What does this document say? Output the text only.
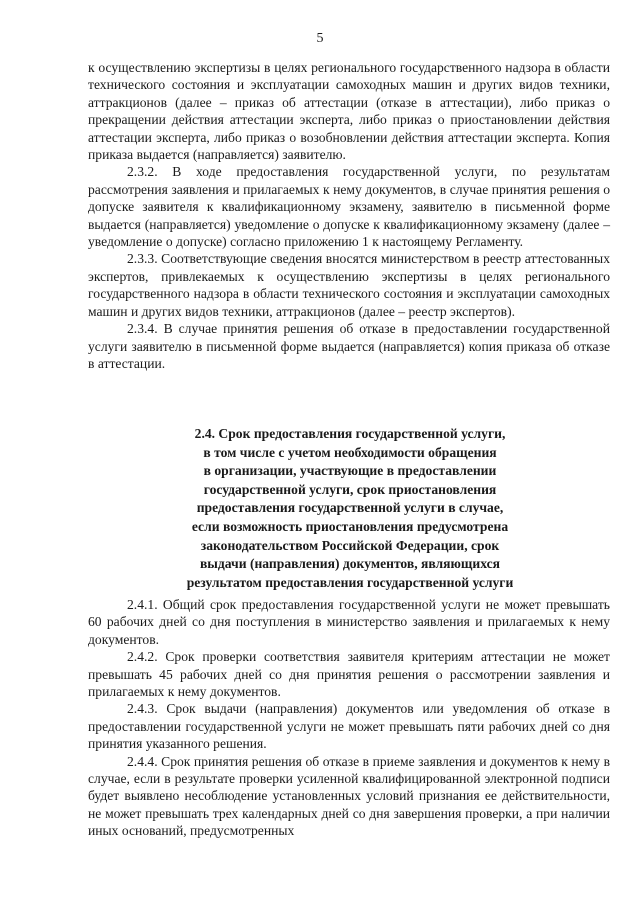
5

к осуществлению экспертизы в целях регионального государственного надзора в области технического состояния и эксплуатации самоходных машин и других видов техники, аттракционов (далее – приказ об аттестации (отказе в аттестации), либо приказ о прекращении действия аттестации эксперта, либо приказ о приостановлении действия аттестации эксперта, либо приказ о возобновлении действия аттестации эксперта. Копия приказа выдается (направляется) заявителю.

2.3.2. В ходе предоставления государственной услуги, по результатам рассмотрения заявления и прилагаемых к нему документов, в случае принятия решения о допуске заявителя к квалификационному экзамену, заявителю в письменной форме выдается (направляется) уведомление о допуске к квалификационному экзамену (далее – уведомление о допуске) согласно приложению 1 к настоящему Регламенту.

2.3.3. Соответствующие сведения вносятся министерством в реестр аттестованных экспертов, привлекаемых к осуществлению экспертизы в целях регионального государственного надзора в области технического состояния и эксплуатации самоходных машин и других видов техники, аттракционов (далее – реестр экспертов).

2.3.4. В случае принятия решения об отказе в предоставлении государственной услуги заявителю в письменной форме выдается (направляется) копия приказа об отказе в аттестации.

2.4. Срок предоставления государственной услуги,
в том числе с учетом необходимости обращения
в организации, участвующие в предоставлении
государственной услуги, срок приостановления
предоставления государственной услуги в случае,
если возможность приостановления предусмотрена
законодательством Российской Федерации, срок
выдачи (направления) документов, являющихся
результатом предоставления государственной услуги

2.4.1. Общий срок предоставления государственной услуги не может превышать 60 рабочих дней со дня поступления в министерство заявления и прилагаемых к нему документов.

2.4.2. Срок проверки соответствия заявителя критериям аттестации не может превышать 45 рабочих дней со дня принятия решения о рассмотрении заявления и прилагаемых к нему документов.

2.4.3. Срок выдачи (направления) документов или уведомления об отказе в предоставлении государственной услуги не может превышать пяти рабочих дней со дня принятия указанного решения.

2.4.4. Срок принятия решения об отказе в приеме заявления и документов к нему в случае, если в результате проверки усиленной квалифицированной электронной подписи будет выявлено несоблюдение установленных условий признания ее действительности, не может превышать трех календарных дней со дня завершения проверки, а при наличии иных оснований, предусмотренных
